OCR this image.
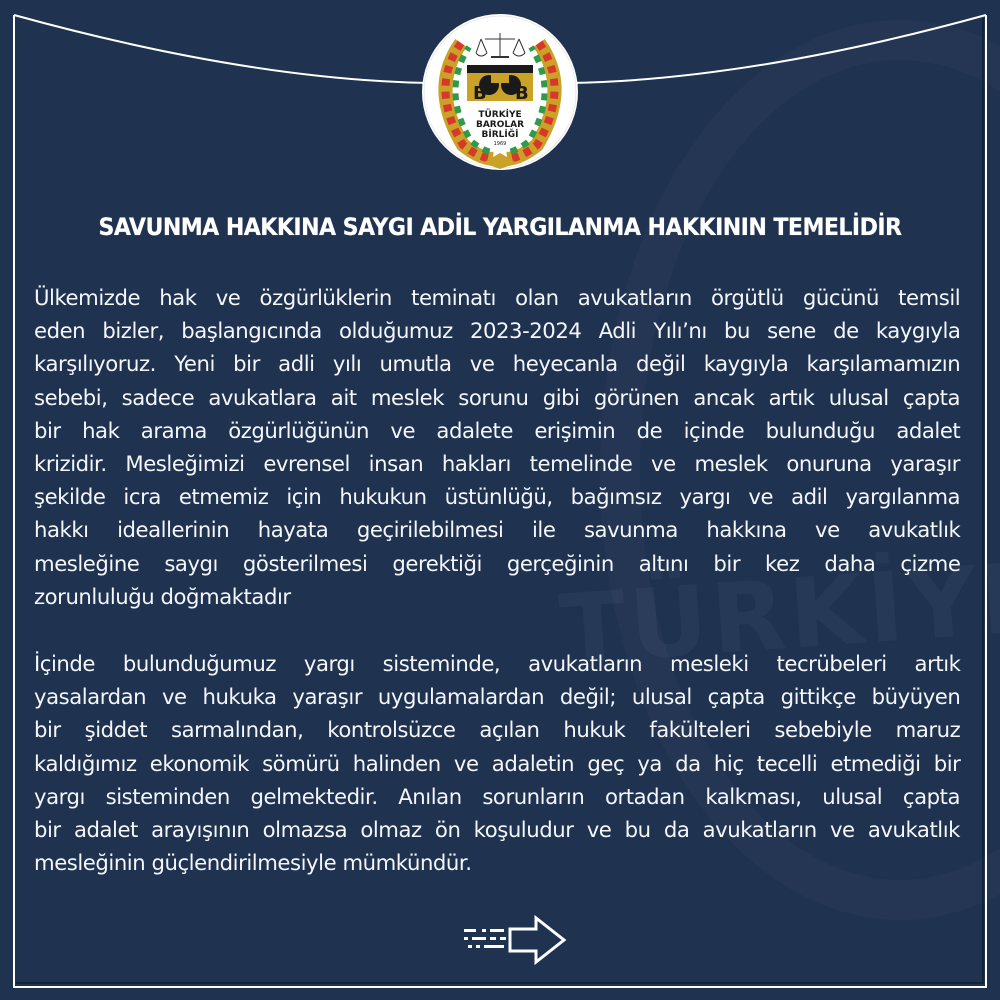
B B
TÜRKİYE
BAROLAR
BİRLİĞİ
1969
SAVUNMA HAKKINA SAYGI ADİL YARGILANMA HAKKININ TEMELİDİR
Ülkemizde hak ve özgürlüklerin teminatı olan avukatların örgütlü gücünü temsil
eden bizler, başlangıcında olduğumuz 2023-2024 Adli Yılı’nı bu sene de kaygıyla
karşılıyoruz. Yeni bir adli yılı umutla ve heyecanla değil kaygıyla karşılamamızın
sebebi, sadece avukatlara ait meslek sorunu gibi görünen ancak artık ulusal çapta
bir hak arama özgürlüğünün ve adalete erişimin de içinde bulunduğu adalet
krizidir. Mesleğimizi evrensel insan hakları temelinde ve meslek onuruna yaraşır
şekilde icra etmemiz için hukukun üstünlüğü, bağımsız yargı ve adil yargılanma
hakkı ideallerinin hayata geçirilebilmesi ile savunma hakkına ve avukatlık
mesleğine saygı gösterilmesi gerektiği gerçeğinin altını bir kez daha çizme
zorunluluğu doğmaktadır
İçinde bulunduğumuz yargı sisteminde, avukatların mesleki tecrübeleri artık
yasalardan ve hukuka yaraşır uygulamalardan değil; ulusal çapta gittikçe büyüyen
bir şiddet sarmalından, kontrolsüzce açılan hukuk fakülteleri sebebiyle maruz
kaldığımız ekonomik sömürü halinden ve adaletin geç ya da hiç tecelli etmediği bir
yargı sisteminden gelmektedir. Anılan sorunların ortadan kalkması, ulusal çapta
bir adalet arayışının olmazsa olmaz ön koşuludur ve bu da avukatların ve avukatlık
mesleğinin güçlendirilmesiyle mümkündür.
